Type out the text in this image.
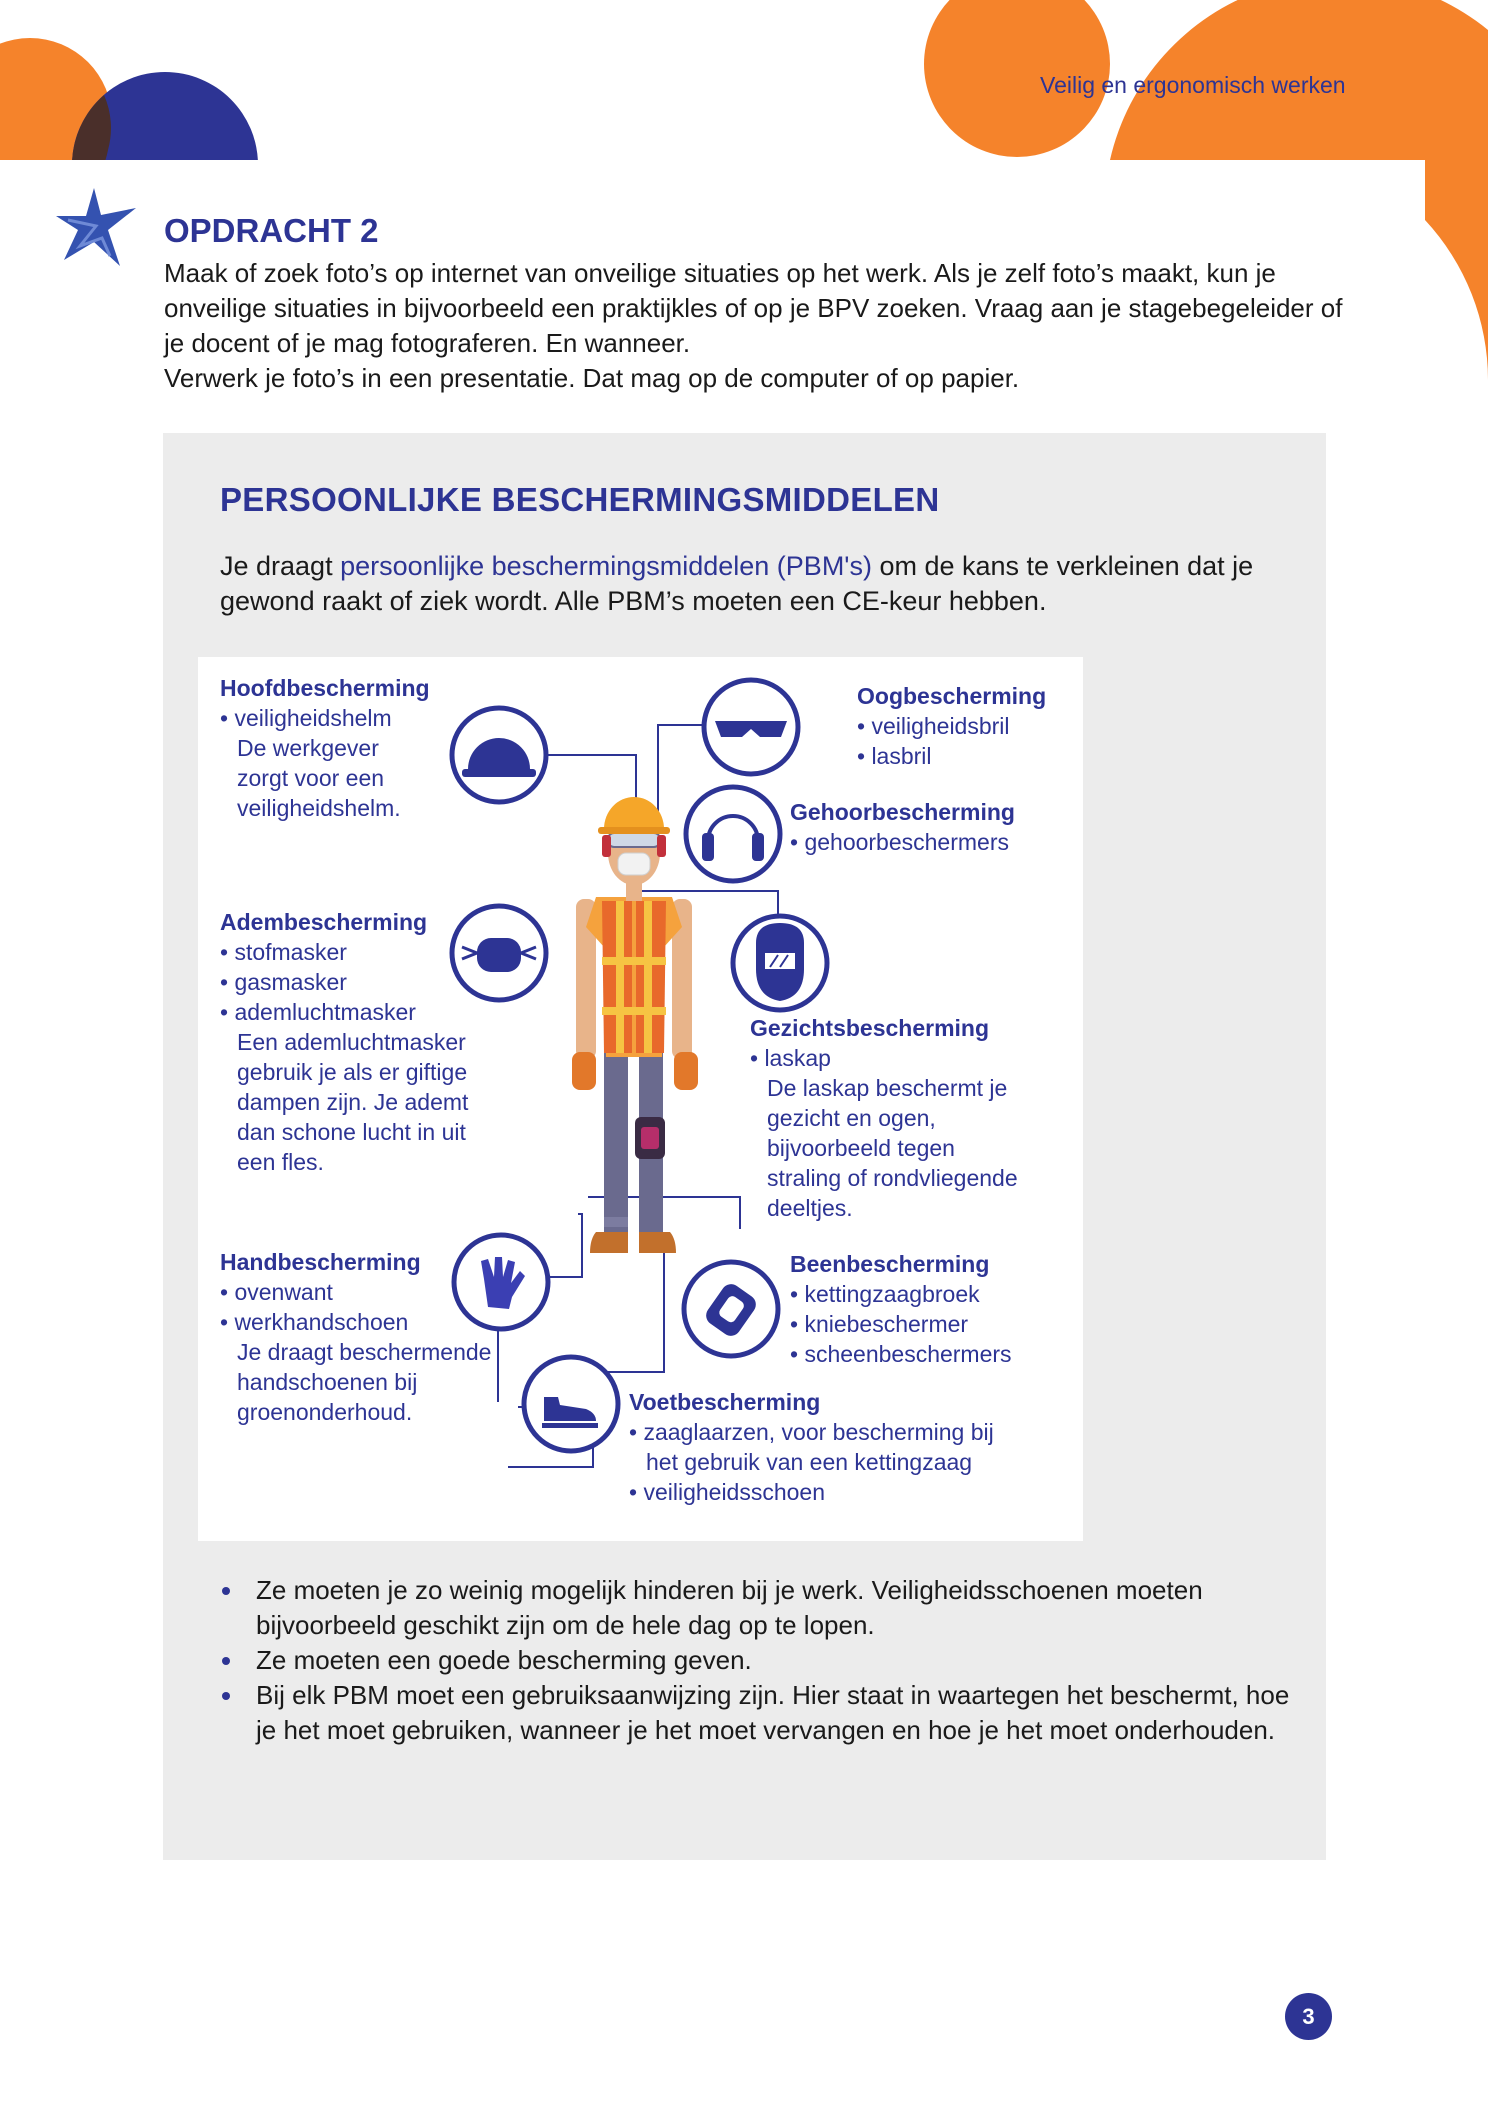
Veilig en ergonomisch werken
OPDRACHT 2

Maak of zoek foto’s op internet van onveilige situaties op het werk. Als je zelf foto’s maakt, kun je onveilige situaties in bijvoorbeeld een praktijkles of op je BPV zoeken. Vraag aan je stagebegeleider of je docent of je mag fotograferen. En wanneer.

Verwerk je foto’s in een presentatie. Dat mag op de computer of op papier.

PERSOONLIJKE BESCHERMINGSMIDDELEN
Je draagt persoonlijke beschermingsmiddelen (PBM's) om de kans te verkleinen dat je gewond raakt of ziek wordt. Alle PBM’s moeten een CE-keur hebben.
Hoofdbescherming
• veiligheidshelm
De werkgever
zorgt voor een
veiligheidshelm.
Adembescherming
• stofmasker
• gasmasker
• ademluchtmasker
Een ademluchtmasker
gebruik je als er giftige
dampen zijn. Je ademt
dan schone lucht in uit
een fles.
Handbescherming
• ovenwant
• werkhandschoen
Je draagt beschermende
handschoenen bij
groenonderhoud.
Oogbescherming
• veiligheidsbril
• lasbril
Gehoorbescherming
• gehoorbeschermers
Gezichtsbescherming
• laskap
De laskap beschermt je
gezicht en ogen,
bijvoorbeeld tegen
straling of rondvliegende
deeltjes.
Beenbescherming
• kettingzaagbroek
• kniebeschermer
• scheenbeschermers
Voetbescherming
• zaaglaarzen, voor bescherming bij
het gebruik van een kettingzaag
• veiligheidsschoen
Ze moeten je zo weinig mogelijk hinderen bij je werk. Veiligheidsschoenen moeten bijvoorbeeld geschikt zijn om de hele dag op te lopen.
Ze moeten een goede bescherming geven.
Bij elk PBM moet een gebruiksaanwijzing zijn. Hier staat in waartegen het beschermt, hoe je het moet gebruiken, wanneer je het moet vervangen en hoe je het moet onderhouden.
3
